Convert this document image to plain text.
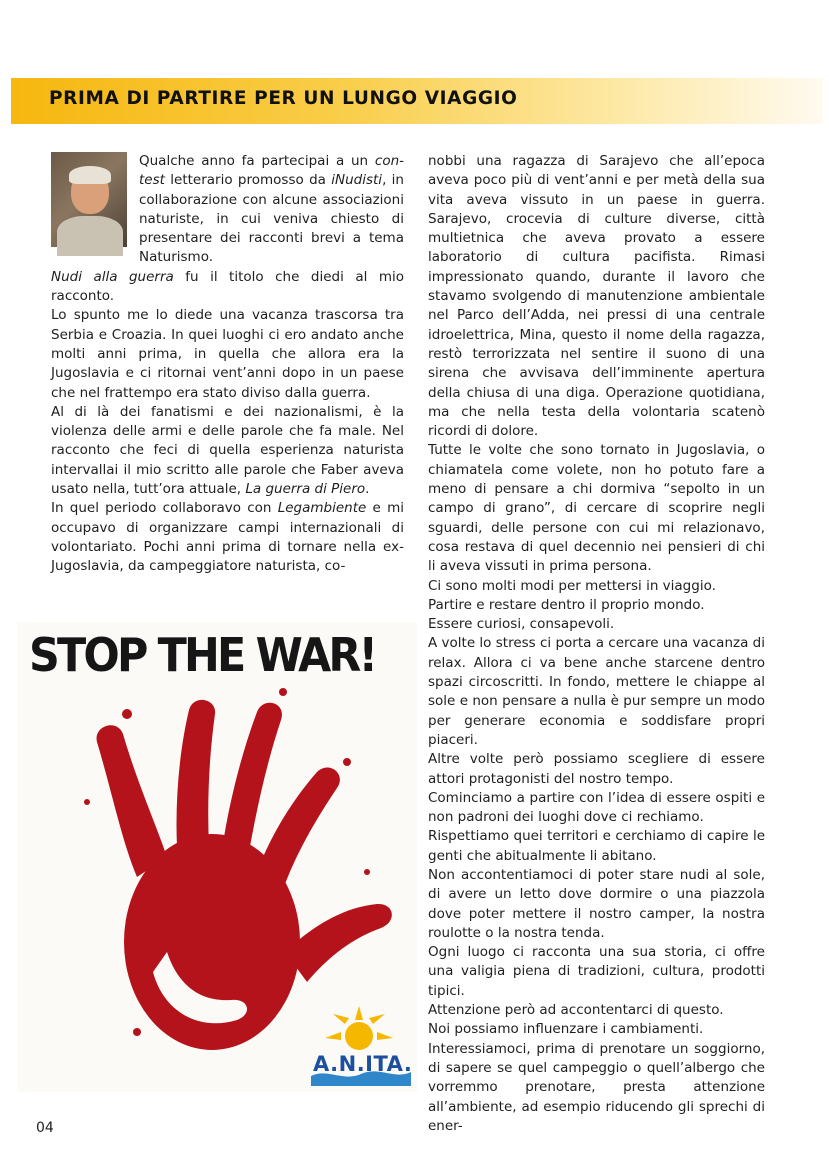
PRIMA DI PARTIRE PER UN LUNGO VIAGGIO

Qualche anno fa partecipai a un con-test letterario promosso da iNudisti, in collaborazione con alcune associazioni naturiste, in cui veniva chiesto di presentare dei racconti brevi a tema Naturismo.

Nudi alla guerra fu il titolo che diedi al mio racconto.

Lo spunto me lo diede una vacanza trascorsa tra Serbia e Croazia. In quei luoghi ci ero andato anche molti anni prima, in quella che allora era la Jugoslavia e ci ritornai vent’anni dopo in un paese che nel frattempo era stato diviso dalla guerra.

Al di là dei fanatismi e dei nazionalismi, è la violenza delle armi e delle parole che fa male. Nel racconto che feci di quella esperienza naturista intervallai il mio scritto alle parole che Faber aveva usato nella, tutt’ora attuale, La guerra di Piero.

In quel periodo collaboravo con Legambiente e mi occupavo di organizzare campi internazionali di volontariato. Pochi anni prima di tornare nella ex-Jugoslavia, da campeggiatore naturista, co-

nobbi una ragazza di Sarajevo che all’epoca aveva poco più di vent’anni e per metà della sua vita aveva vissuto in un paese in guerra. Sarajevo, crocevia di culture diverse, città multietnica che aveva provato a essere laboratorio di cultura pacifista. Rimasi impressionato quando, durante il lavoro che stavamo svolgendo di manutenzione ambientale nel Parco dell’Adda, nei pressi di una centrale idroelettrica, Mina, questo il nome della ragazza, restò terrorizzata nel sentire il suono di una sirena che avvisava dell’imminente apertura della chiusa di una diga. Operazione quotidiana, ma che nella testa della volontaria scatenò ricordi di dolore.

Tutte le volte che sono tornato in Jugoslavia, o chiamatela come volete, non ho potuto fare a meno di pensare a chi dormiva “sepolto in un campo di grano”, di cercare di scoprire negli sguardi, delle persone con cui mi relazionavo, cosa restava di quel decennio nei pensieri di chi li aveva vissuti in prima persona.

Ci sono molti modi per mettersi in viaggio.

Partire e restare dentro il proprio mondo.

Essere curiosi, consapevoli.

A volte lo stress ci porta a cercare una vacanza di relax. Allora ci va bene anche starcene dentro spazi circoscritti. In fondo, mettere le chiappe al sole e non pensare a nulla è pur sempre un modo per generare economia e soddisfare propri piaceri.

Altre volte però possiamo scegliere di essere attori protagonisti del nostro tempo.

Cominciamo a partire con l’idea di essere ospiti e non padroni dei luoghi dove ci rechiamo.

Rispettiamo quei territori e cerchiamo di capire le genti che abitualmente li abitano.

Non accontentiamoci di poter stare nudi al sole, di avere un letto dove dormire o una piazzola dove poter mettere il nostro camper, la nostra roulotte o la nostra tenda.

Ogni luogo ci racconta una sua storia, ci offre una valigia piena di tradizioni, cultura, prodotti tipici.

Attenzione però ad accontentarci di questo.

Noi possiamo influenzare i cambiamenti.

Interessiamoci, prima di prenotare un soggiorno, di sapere se quel campeggio o quell’albergo che vorremmo prenotare, presta attenzione all’ambiente, ad esempio riducendo gli sprechi di ener-

STOP THE WAR!

A.N.ITA.

04
